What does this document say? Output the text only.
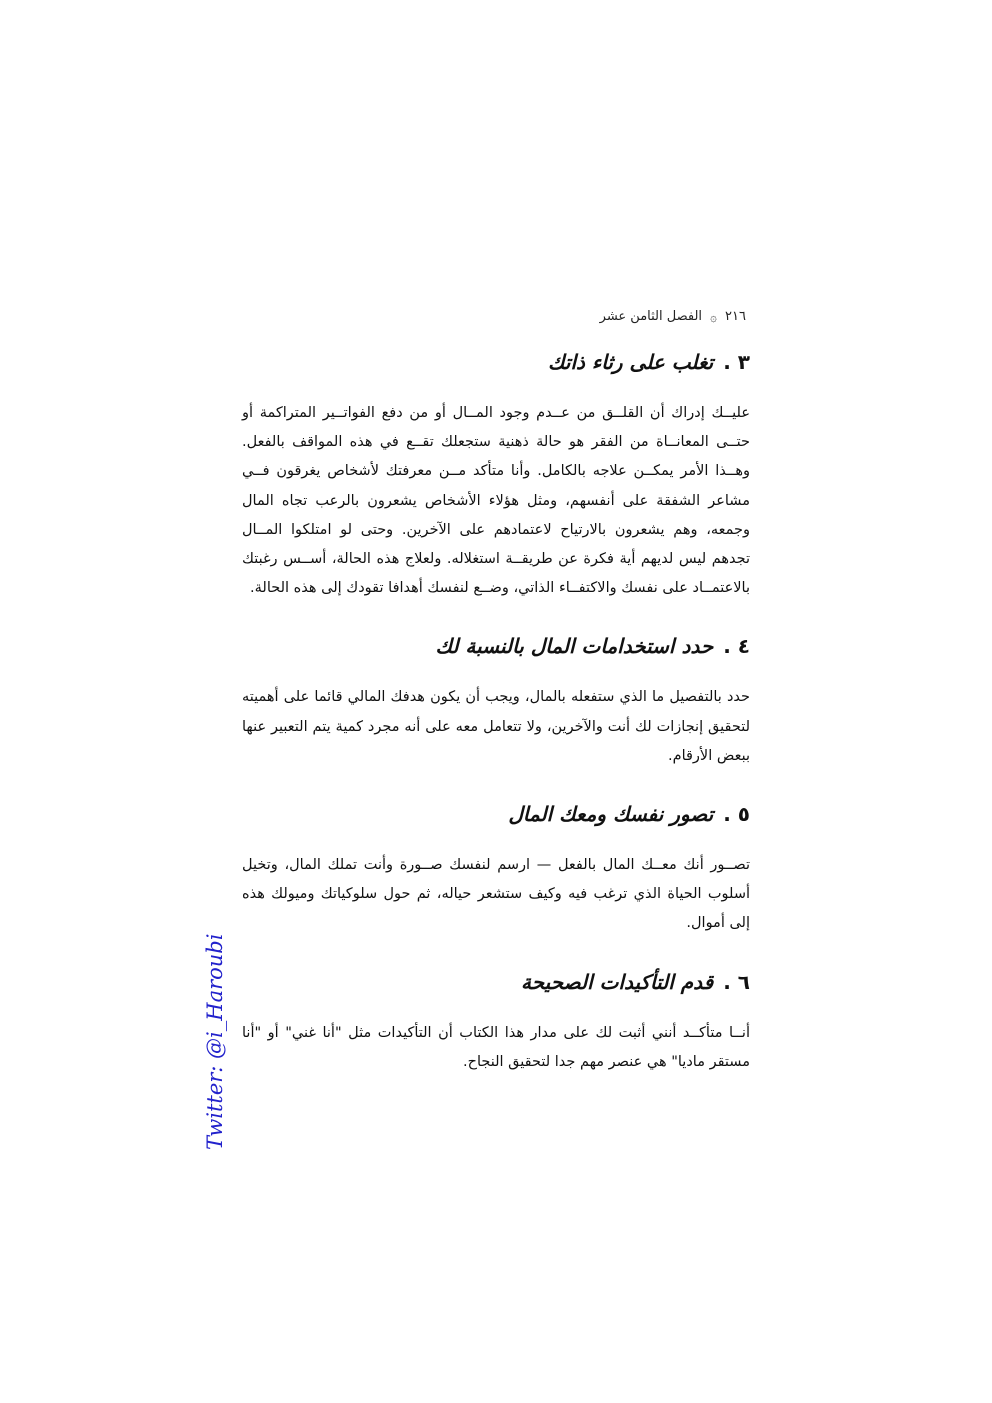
٢١٦
۞
الفصل الثامن عشر
٣ .
تغلب على رثاء ذاتك

عليــك إدراك أن القلــق من عــدم وجود المــال أو من دفع الفواتــير المتراكمة أو حتــى المعانــاة من الفقر هو حالة ذهنية ستجعلك تقــع في هذه المواقف بالفعل. وهــذا الأمر يمكــن علاجه بالكامل. وأنا متأكد مــن معرفتك لأشخاص يغرقون فــي مشاعر الشفقة على أنفسهم، ومثل هؤلاء الأشخاص يشعرون بالرعب تجاه المال وجمعه، وهم يشعرون بالارتياح لاعتمادهم على الآخرين. وحتى لو امتلكوا المــال تجدهم ليس لديهم أية فكرة عن طريقــة استغلاله. ولعلاج هذه الحالة، أســس رغبتك بالاعتمــاد على نفسك والاكتفــاء الذاتي، وضــع لنفسك أهدافا تقودك إلى هذه الحالة.

٤ .
حدد استخدامات المال بالنسبة لك

حدد بالتفصيل ما الذي ستفعله بالمال، ويجب أن يكون هدفك المالي قائما على أهميته لتحقيق إنجازات لك أنت والآخرين، ولا تتعامل معه على أنه مجرد كمية يتم التعبير عنها ببعض الأرقام.

٥ .
تصور نفسك ومعك المال

تصــور أنك معــك المال بالفعل — ارسم لنفسك صــورة وأنت تملك المال، وتخيل أسلوب الحياة الذي ترغب فيه وكيف ستشعر حياله، ثم حول سلوكياتك وميولك هذه إلى أموال.

٦ .
قدم التأكيدات الصحيحة

أنــا متأكــد أنني أثبت لك على مدار هذا الكتاب أن التأكيدات مثل "أنا غني" أو "أنا مستقر ماديا" هي عنصر مهم جدا لتحقيق النجاح.

Twitter: @i_Haroubi
